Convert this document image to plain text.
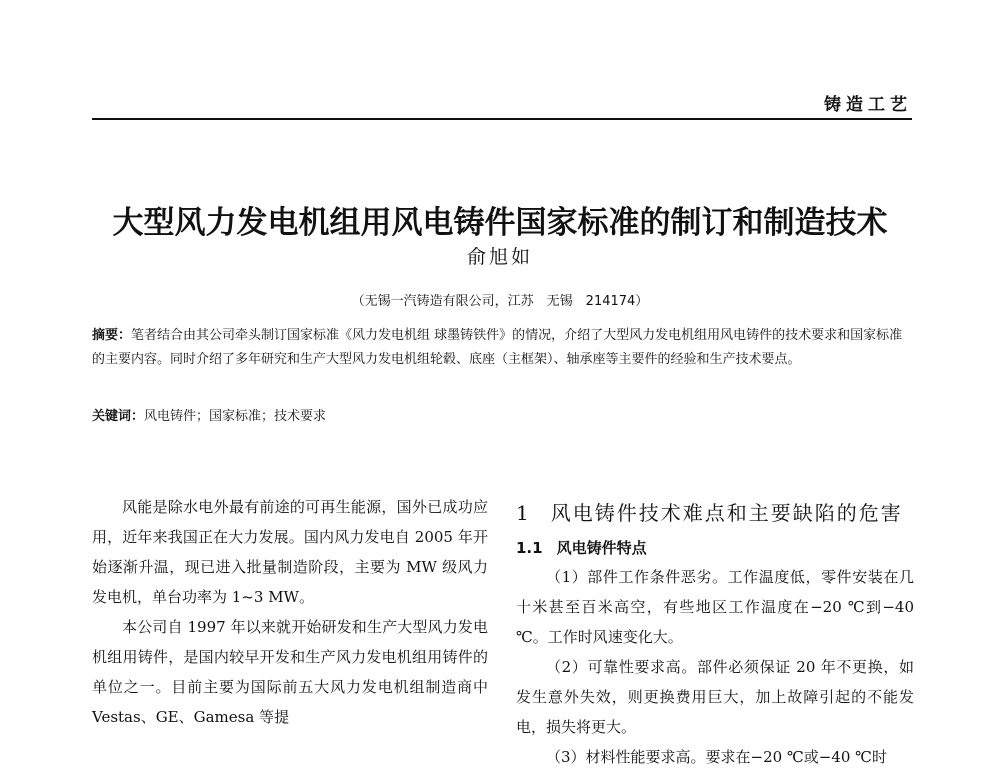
铸造工艺
大型风力发电机组用风电铸件国家标准的制订和制造技术
俞旭如
（无锡一汽铸造有限公司，江苏　无锡　214174）
摘要：笔者结合由其公司牵头制订国家标准《风力发电机组 球墨铸铁件》的情况，介绍了大型风力发电机组用风电铸件的技术要求和国家标准的主要内容。同时介绍了多年研究和生产大型风力发电机组轮毂、底座（主框架）、轴承座等主要件的经验和生产技术要点。
关键词：风电铸件；国家标准；技术要求

风能是除水电外最有前途的可再生能源，国外已成功应用，近年来我国正在大力发展。国内风力发电自 2005 年开始逐渐升温，现已进入批量制造阶段，主要为 MW 级风力发电机，单台功率为 1~3 MW。

本公司自 1997 年以来就开始研发和生产大型风力发电机组用铸件，是国内较早开发和生产风力发电机组用铸件的单位之一。目前主要为国际前五大风力发电机组制造商中 Vestas、GE、Gamesa 等提

1 风电铸件技术难点和主要缺陷的危害
1.1 风电铸件特点

（1）部件工作条件恶劣。工作温度低，零件安装在几十米甚至百米高空，有些地区工作温度在−20 ℃到−40 ℃。工作时风速变化大。

（2）可靠性要求高。部件必须保证 20 年不更换，如发生意外失效，则更换费用巨大，加上故障引起的不能发电，损失将更大。

（3）材料性能要求高。要求在−20 ℃或−40 ℃时
